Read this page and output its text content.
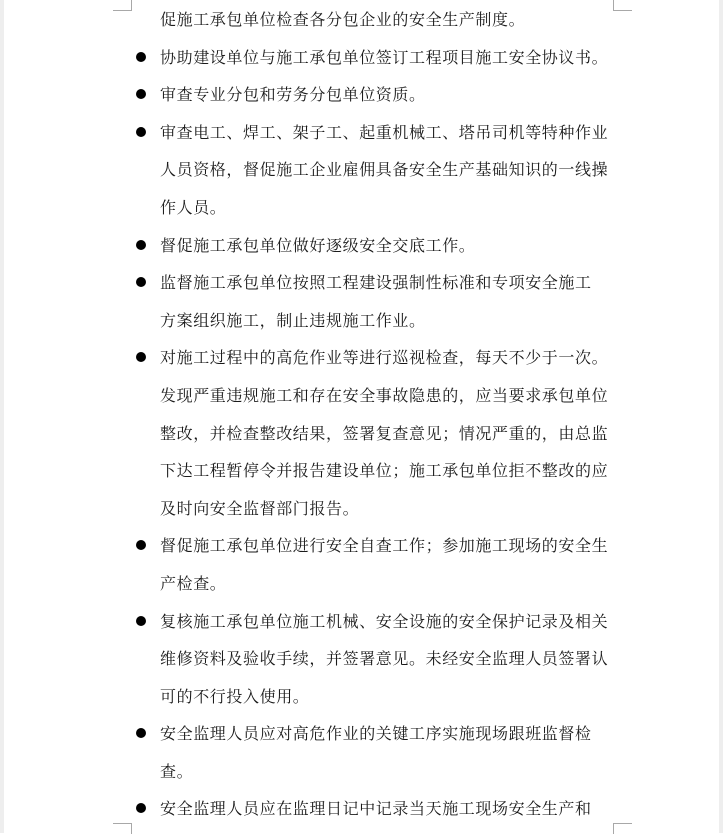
促施工承包单位检查各分包企业的安全生产制度。
协助建设单位与施工承包单位签订工程项目施工安全协议书。
审查专业分包和劳务分包单位资质。
审查电工、焊工、架子工、起重机械工、塔吊司机等特种作业
人员资格，督促施工企业雇佣具备安全生产基础知识的一线操
作人员。
督促施工承包单位做好逐级安全交底工作。
监督施工承包单位按照工程建设强制性标准和专项安全施工
方案组织施工，制止违规施工作业。
对施工过程中的高危作业等进行巡视检查，每天不少于一次。
发现严重违规施工和存在安全事故隐患的，应当要求承包单位
整改，并检查整改结果，签署复查意见；情况严重的，由总监
下达工程暂停令并报告建设单位；施工承包单位拒不整改的应
及时向安全监督部门报告。
督促施工承包单位进行安全自查工作；参加施工现场的安全生
产检查。
复核施工承包单位施工机械、安全设施的安全保护记录及相关
维修资料及验收手续，并签署意见。未经安全监理人员签署认
可的不行投入使用。
安全监理人员应对高危作业的关键工序实施现场跟班监督检
查。
安全监理人员应在监理日记中记录当天施工现场安全生产和
